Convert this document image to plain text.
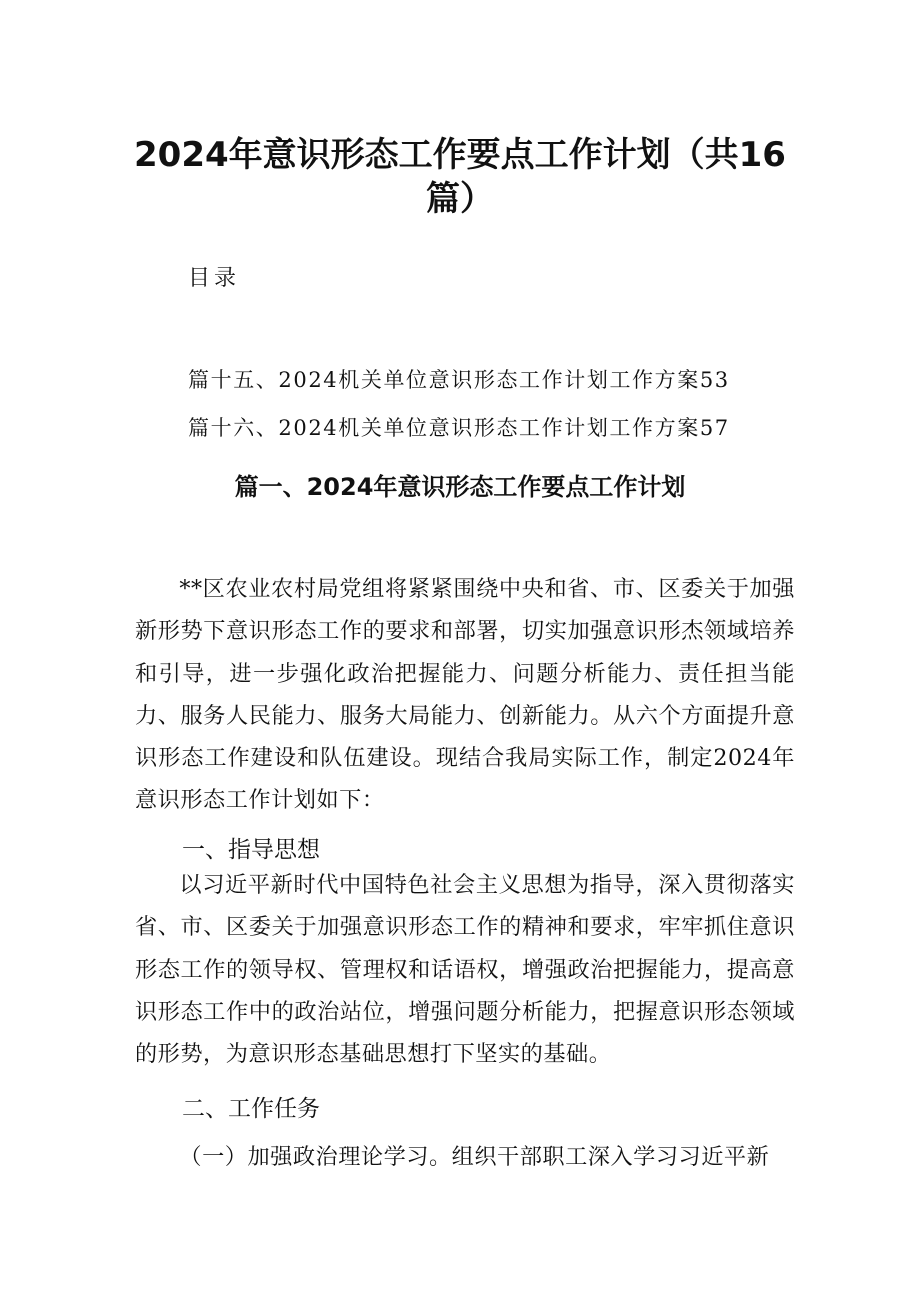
2024年意识形态工作要点工作计划（共16篇）
目录
篇十五、2024机关单位意识形态工作计划工作方案53
篇十六、2024机关单位意识形态工作计划工作方案57
篇一、2024年意识形态工作要点工作计划

**区农业农村局党组将紧紧围绕中央和省、市、区委关于加强新形势下意识形态工作的要求和部署，切实加强意识形杰领域培养和引导，进一步强化政治把握能力、问题分析能力、责任担当能力、服务人民能力、服务大局能力、创新能力。从六个方面提升意识形态工作建设和队伍建设。现结合我局实际工作，制定2024年意识形态工作计划如下：

一、指导思想

以习近平新时代中国特色社会主义思想为指导，深入贯彻落实省、市、区委关于加强意识形态工作的精神和要求，牢牢抓住意识形态工作的领导权、管理权和话语权，增强政治把握能力，提高意识形态工作中的政治站位，增强问题分析能力，把握意识形态领域的形势，为意识形态基础思想打下坚实的基础。

二、工作任务

（一）加强政治理论学习。组织干部职工深入学习习近平新
